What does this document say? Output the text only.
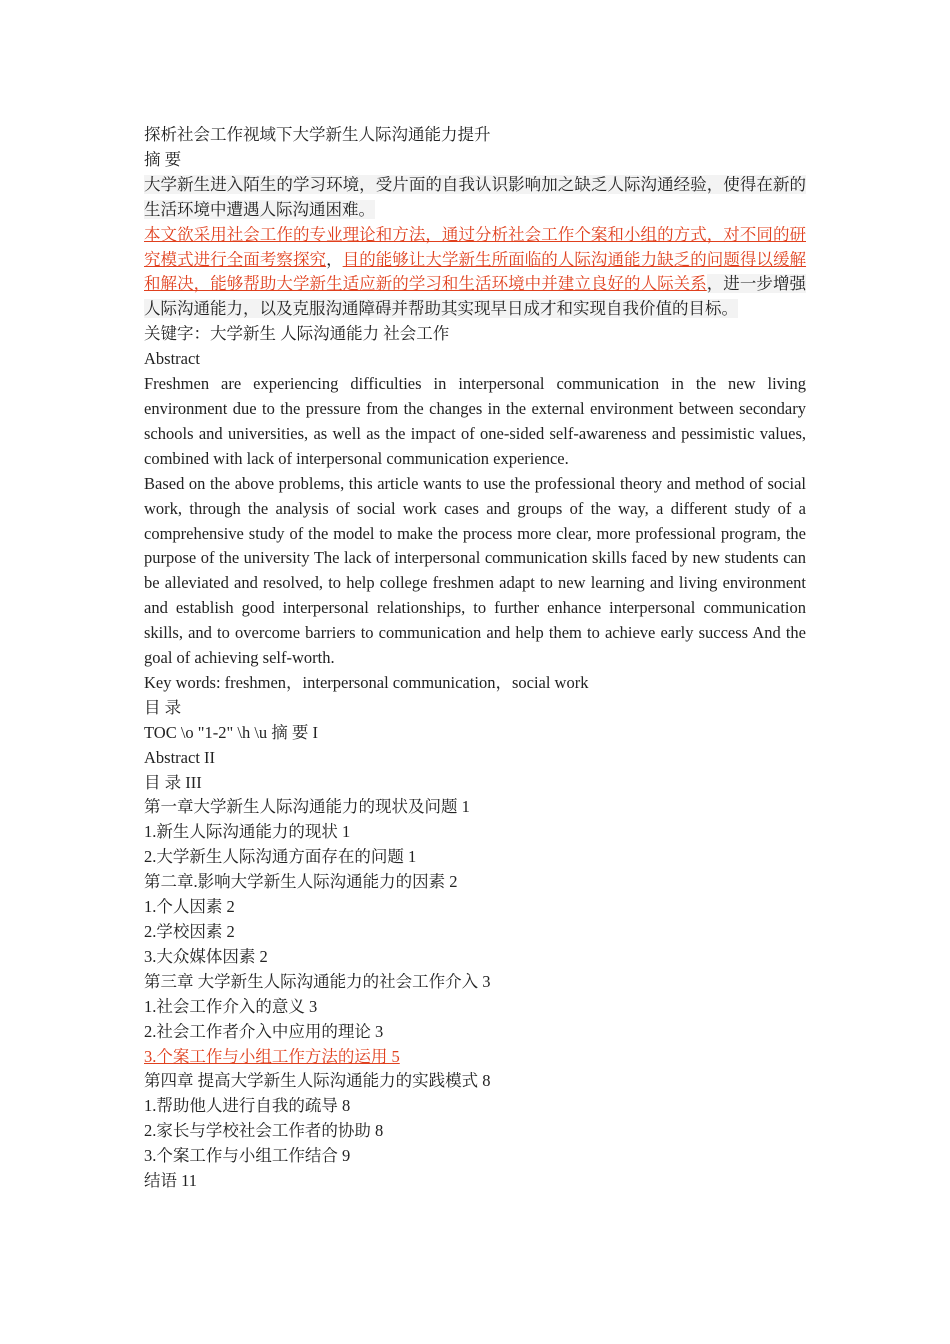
探析社会工作视域下大学新生人际沟通能力提升
摘 要
大学新生进入陌生的学习环境，受片面的自我认识影响加之缺乏人际沟通经验，使得在新的生活环境中遭遇人际沟通困难。
本文欲采用社会工作的专业理论和方法，通过分析社会工作个案和小组的方式，对不同的研究模式进行全面考察探究，目的能够让大学新生所面临的人际沟通能力缺乏的问题得以缓解和解决，能够帮助大学新生适应新的学习和生活环境中并建立良好的人际关系，进一步增强人际沟通能力，以及克服沟通障碍并帮助其实现早日成才和实现自我价值的目标。
关键字：大学新生 人际沟通能力 社会工作
Abstract
Freshmen are experiencing difficulties in interpersonal communication in the new living environment due to the pressure from the changes in the external environment between secondary schools and universities, as well as the impact of one-sided self-awareness and pessimistic values, combined with lack of interpersonal communication experience.
Based on the above problems, this article wants to use the professional theory and method of social work, through the analysis of social work cases and groups of the way, a different study of a comprehensive study of the model to make the process more clear, more professional program, the purpose of the university The lack of interpersonal communication skills faced by new students can be alleviated and resolved, to help college freshmen adapt to new learning and living environment and establish good interpersonal relationships, to further enhance interpersonal communication skills, and to overcome barriers to communication and help them to achieve early success And the goal of achieving self-worth.
Key words: freshmen，interpersonal communication，social work
目 录
TOC \o "1-2" \h \u 摘 要 I
Abstract II
目 录 III
第一章大学新生人际沟通能力的现状及问题 1
1.新生人际沟通能力的现状 1
2.大学新生人际沟通方面存在的问题 1
第二章.影响大学新生人际沟通能力的因素 2
1.个人因素 2
2.学校因素 2
3.大众媒体因素 2
第三章 大学新生人际沟通能力的社会工作介入 3
1.社会工作介入的意义 3
2.社会工作者介入中应用的理论 3
3.个案工作与小组工作方法的运用 5
第四章 提高大学新生人际沟通能力的实践模式 8
1.帮助他人进行自我的疏导 8
2.家长与学校社会工作者的协助 8
3.个案工作与小组工作结合 9
结语 11
